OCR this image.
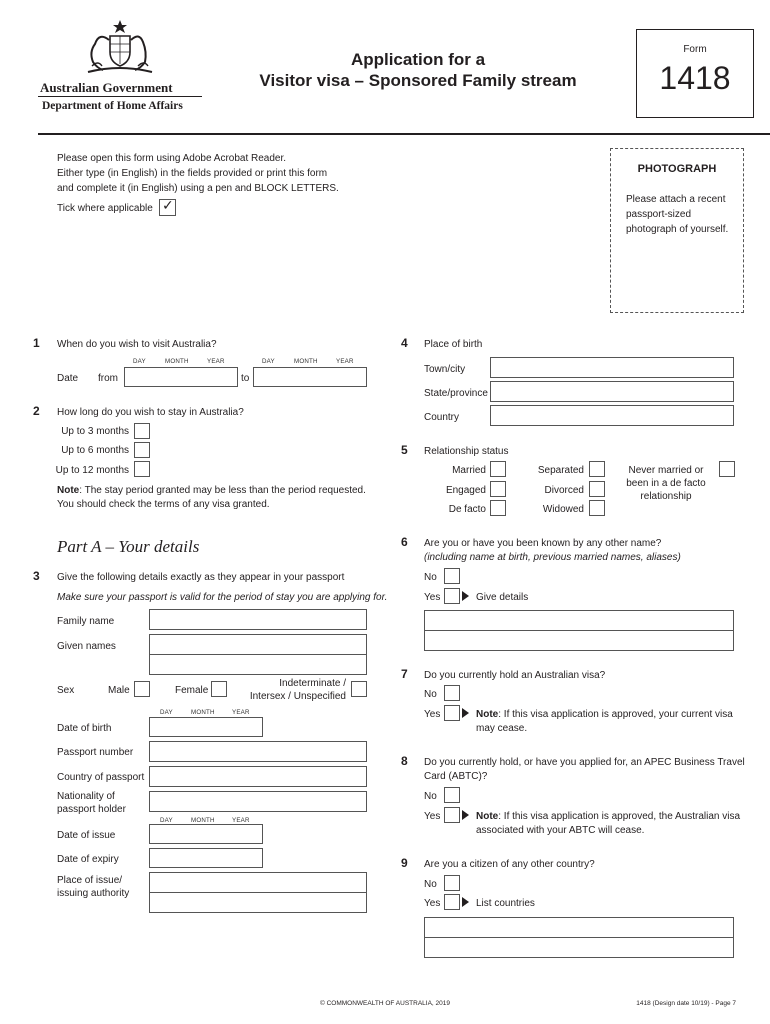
Australian Government
Department of Home Affairs
Application for a
Visitor visa – Sponsored Family stream
Form
1418
Please open this form using Adobe Acrobat Reader.
Either type (in English) in the fields provided or print this form
and complete it (in English) using a pen and BLOCK LETTERS.
Tick where applicable ✓
PHOTOGRAPH
Please attach a recent
passport-sized
photograph of yourself.
1 When do you wish to visit Australia?
DAY	MONTH	YEAR	DAY	MONTH	YEAR
Date from	to
2 How long do you wish to stay in Australia?
Up to 3 months
Up to 6 months
Up to 12 months
Note: The stay period granted may be less than the period requested.
You should check the terms of any visa granted.
Part A – Your details
3 Give the following details exactly as they appear in your passport
Make sure your passport is valid for the period of stay you are applying for.
Family name
Given names
Sex	Male	Female
Indeterminate /
Intersex / Unspecified
DAY	MONTH	YEAR
Date of birth
Passport number
Country of passport
Nationality of
passport holder
DAY	MONTH	YEAR
Date of issue
Date of expiry
Place of issue/
issuing authority
4 Place of birth
Town/city
State/province
Country
5 Relationship status
Married
Engaged
De facto
Separated
Divorced
Widowed
Never married or
been in a de facto
relationship
6 Are you or have you been known by any other name?
(including name at birth, previous married names, aliases)
No
Yes	Give details
7 Do you currently hold an Australian visa?
No
Yes	Note: If this visa application is approved, your current visa
may cease.
8 Do you currently hold, or have you applied for, an APEC Business Travel
Card (ABTC)?
No
Yes	Note: If this visa application is approved, the Australian visa
associated with your ABTC will cease.
9 Are you a citizen of any other country?
No
Yes	List countries
© COMMONWEALTH OF AUSTRALIA, 2019	1418 (Design date 10/19) - Page 7
